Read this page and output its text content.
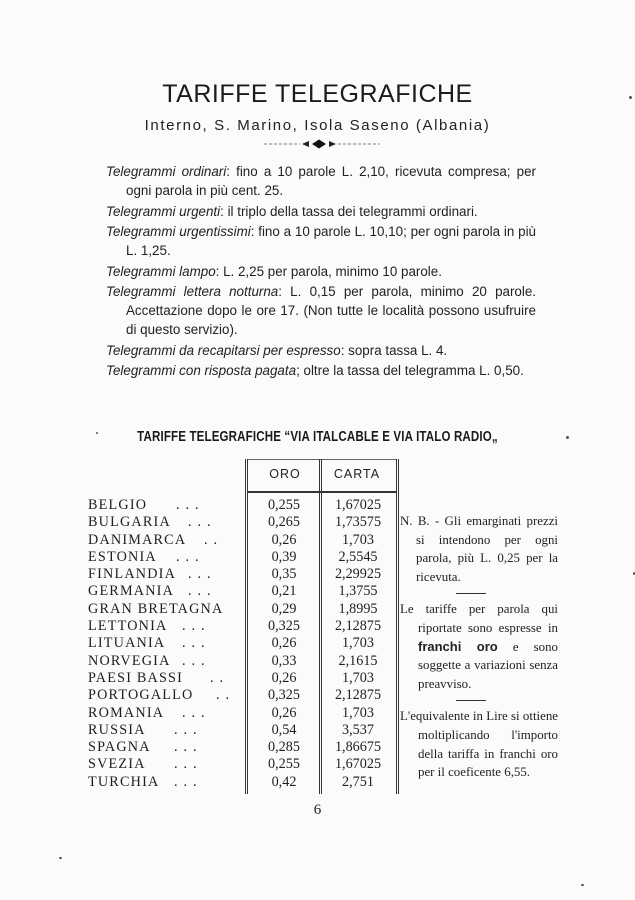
TARIFFE TELEGRAFICHE
Interno, S. Marino, Isola Saseno (Albania)

Telegrammi ordinari: fino a 10 parole L. 2,10, ricevuta compresa; per ogni parola in più cent. 25.

Telegrammi urgenti: il triplo della tassa dei telegrammi ordinari.

Telegrammi urgentissimi: fino a 10 parole L. 10,10; per ogni parola in più L. 1,25.

Telegrammi lampo: L. 2,25 per parola, minimo 10 parole.

Telegrammi lettera notturna: L. 0,15 per parola, minimo 20 parole. Accettazione dopo le ore 17. (Non tutte le località possono usufruire di questo servizio).

Telegrammi da recapitarsi per espresso: sopra tassa L. 4.

Telegrammi con risposta pagata; oltre la tassa del telegramma L. 0,50.

TARIFFE TELEGRAFICHE “VIA ITALCABLE E VIA ITALO RADIO„
ORO	CARTA
BELGIO . . .
BULGARIA . . .
DANIMARCA . .
ESTONIA . . .
FINLANDIA . . .
GERMANIA . . .
GRAN BRETAGNA
LETTONIA . . .
LITUANIA . . .
NORVEGIA . . .
PAESI BASSI . .
PORTOGALLO . .
ROMANIA . . .
RUSSIA . . .
SPAGNA . . .
SVEZIA . . .
TURCHIA . . .
0,255
0,265
0,26
0,39
0,35
0,21
0,29
0,325
0,26
0,33
0,26
0,325
0,26
0,54
0,285
0,255
0,42
1,67025
1,73575
1,703
2,5545
2,29925
1,3755
1,8995
2,12875
1,703
2,1615
1,703
2,12875
1,703
3,537
1,86675
1,67025
2,751

N. B. - Gli emarginati prezzi si intendono per ogni parola, più L. 0,25 per la ricevuta.

Le tariffe per parola qui riportate sono espresse in franchi oro e sono soggette a variazioni senza preavviso.

L'equivalente in Lire si ottiene moltiplicando l'importo della tariffa in franchi oro per il coeficente 6,55.

6
